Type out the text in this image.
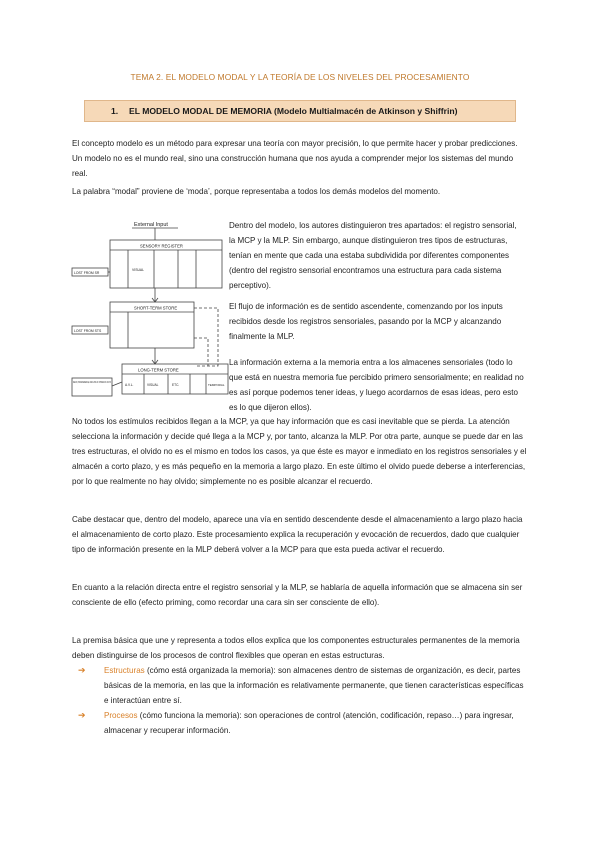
TEMA 2. EL MODELO MODAL Y LA TEORÍA DE LOS NIVELES DEL PROCESAMIENTO
1.	EL MODELO MODAL DE MEMORIA (Modelo Multialmacén de Atkinson y Shiffrin)

El concepto modelo es un método para expresar una teoría con mayor precisión, lo que permite hacer y probar predicciones. Un modelo no es el mundo real, sino una construcción humana que nos ayuda a comprender mejor los sistemas del mundo real.

La palabra “modal” proviene de ‘moda’, porque representaba a todos los demás modelos del momento.

External Input
SENSORY REGISTER
VISUAL
LOST FROM SR
SHORT-TERM STORE
LOST FROM STS
LONG-TERM STORE
A.V.L.	VISUAL	ETC.	TEMPORAL
DECAY, INTERFERENCE, AND LOSS OF STRENGTH IN LTS

Dentro del modelo, los autores distinguieron tres apartados: el registro sensorial, la MCP y la MLP. Sin embargo, aunque distinguieron tres tipos de estructuras, tenían en mente que cada una estaba subdividida por diferentes componentes (dentro del registro sensorial encontramos una estructura para cada sistema perceptivo).

El flujo de información es de sentido ascendente, comenzando por los inputs recibidos desde los registros sensoriales, pasando por la MCP y alcanzando finalmente la MLP.

La información externa a la memoria entra a los almacenes sensoriales (todo lo que está en nuestra memoria fue percibido primero sensorialmente; en realidad no es así porque podemos tener ideas, y luego acordarnos de esas ideas, pero esto es lo que dijeron ellos).

No todos los estímulos recibidos llegan a la MCP, ya que hay información que es casi inevitable que se pierda. La atención selecciona la información y decide qué llega a la MCP y, por tanto, alcanza la MLP. Por otra parte, aunque se puede dar en las tres estructuras, el olvido no es el mismo en todos los casos, ya que éste es mayor e inmediato en los registros sensoriales y el almacén a corto plazo, y es más pequeño en la memoria a largo plazo. En este último el olvido puede deberse a interferencias, por lo que realmente no hay olvido; simplemente no es posible alcanzar el recuerdo.

Cabe destacar que, dentro del modelo, aparece una vía en sentido descendente desde el almacenamiento a largo plazo hacia el almacenamiento de corto plazo. Este procesamiento explica la recuperación y evocación de recuerdos, dado que cualquier tipo de información presente en la MLP deberá volver a la MCP para que esta pueda activar el recuerdo.

En cuanto a la relación directa entre el registro sensorial y la MLP, se hablaría de aquella información que se almacena sin ser consciente de ello (efecto priming, como recordar una cara sin ser consciente de ello).

La premisa básica que une y representa a todos ellos explica que los componentes estructurales permanentes de la memoria deben distinguirse de los procesos de control flexibles que operan en estas estructuras.

➔	Estructuras (cómo está organizada la memoria): son almacenes dentro de sistemas de organización, es decir, partes básicas de la memoria, en las que la información es relativamente permanente, que tienen características específicas e interactúan entre sí.
➔	Procesos (cómo funciona la memoria): son operaciones de control (atención, codificación, repaso…) para ingresar, almacenar y recuperar información.
